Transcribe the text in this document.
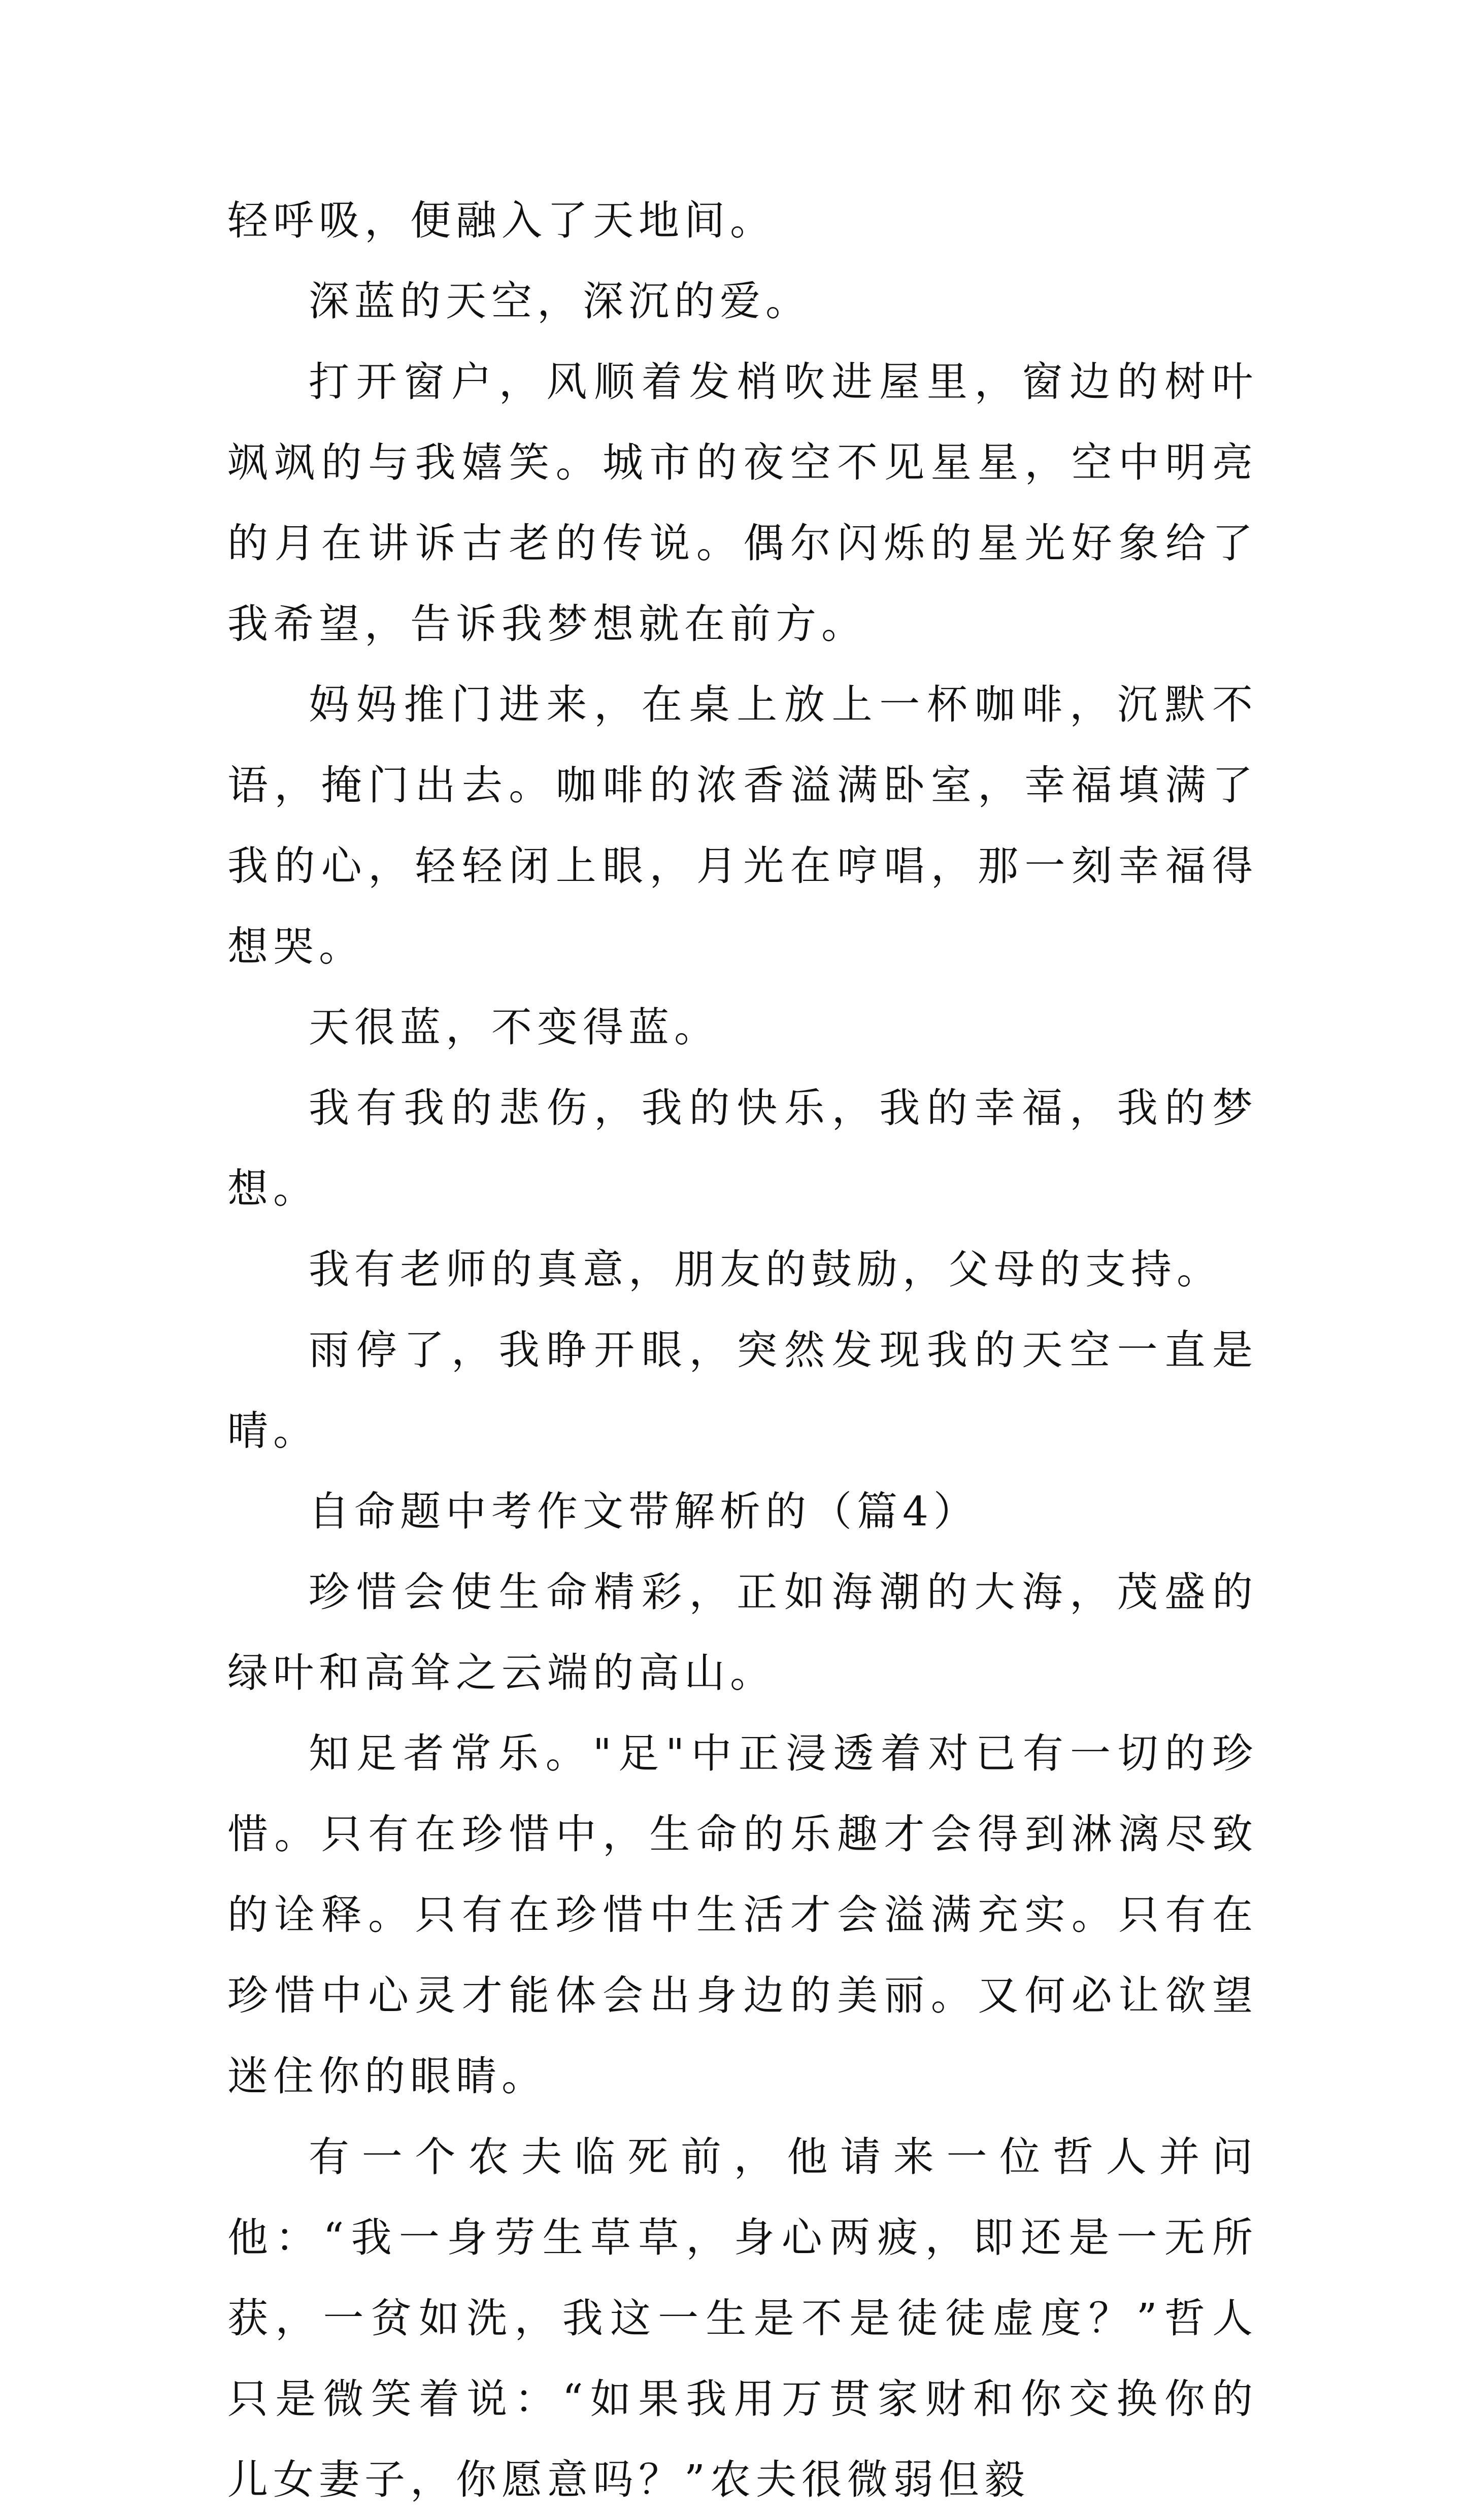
轻呼吸，便融入了天地间。

深蓝的天空，深沉的爱。

打开窗户，风顺着发梢吹进屋里，窗边的树叶飒飒的与我嬉笑。城市的夜空不见星星，空中明亮的月在讲诉古老的传说。偶尔闪烁的星光好象给了我希望，告诉我梦想就在前方。

妈妈推门进来，在桌上放上一杯咖啡，沉默不语，掩门出去。咖啡的浓香溢满卧室，幸福填满了我的心，轻轻闭上眼，月光在哼唱，那一刻幸福得想哭。

天很蓝，不变得蓝。

我有我的悲伤，我的快乐，我的幸福，我的梦想。

我有老师的真意，朋友的鼓励，父母的支持。

雨停了，我睁开眼，突然发现我的天空一直是晴。

自命题中考作文带解析的（篇4）

珍惜会使生命精彩，正如海潮的大海，茂盛的绿叶和高耸之云端的高山。

知足者常乐。"足"中正浸透着对已有一切的珍惜。只有在珍惜中，生命的乐趣才会得到淋漓尽致的诠释。只有在珍惜中生活才会溢满充实。只有在珍惜中心灵才能体会出身边的美丽。又何必让欲望迷住你的眼睛。

有一个农夫临死前，他请来一位哲人并问他：“我一身劳生草草，身心两疲，即还是一无所获，一贫如洗，我这一生是不是徒徒虚度？”哲人只是微笑着说：“如果我用万贯家财和你交换你的儿女妻子，你愿意吗？”农夫很微弱但毅
